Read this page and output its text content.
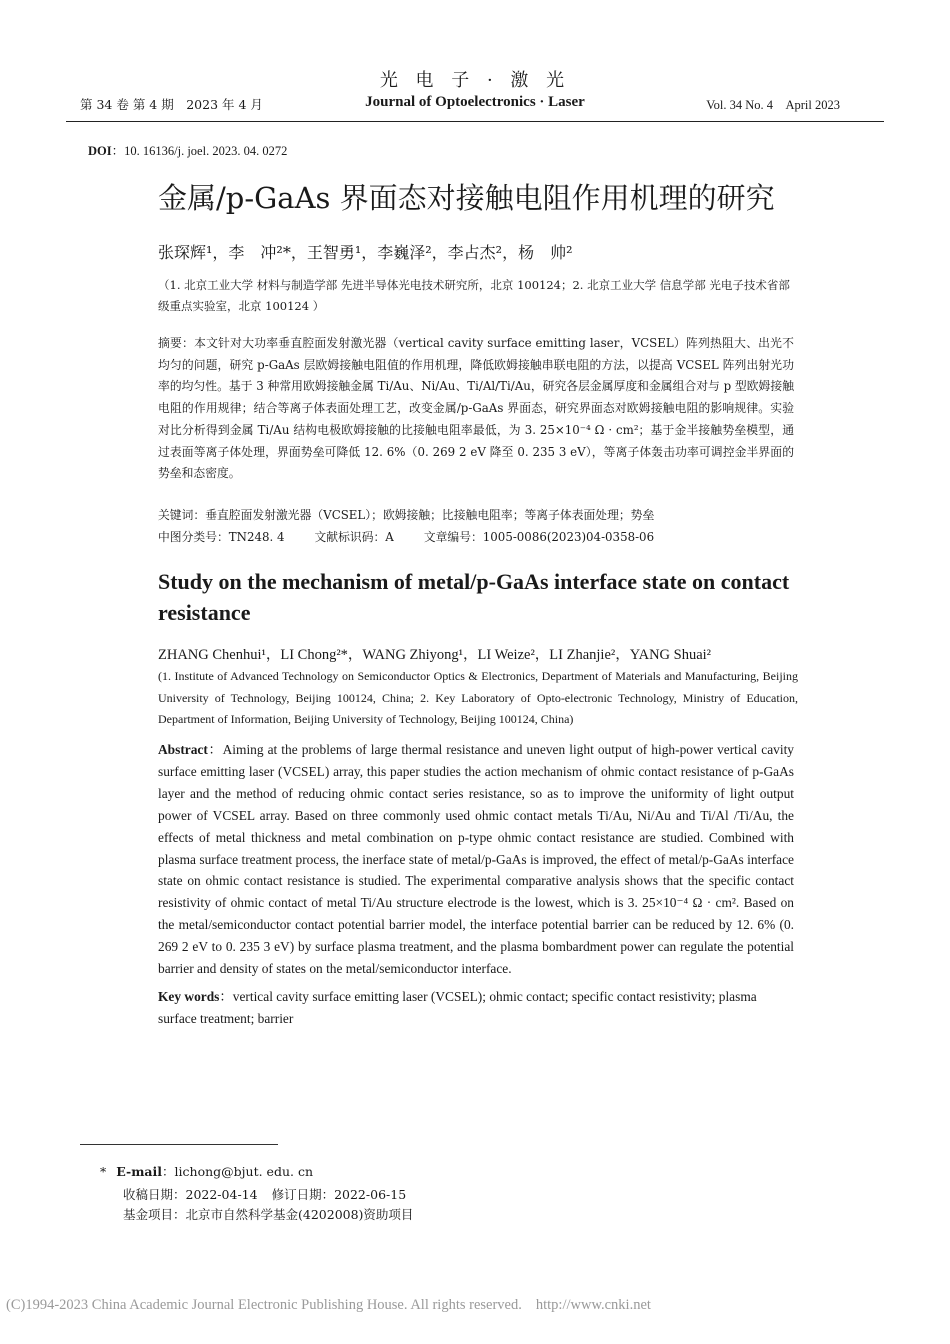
光 电 子 · 激 光
第 34 卷 第 4 期　2023 年 4 月	Journal of Optoelectronics · Laser	Vol. 34 No. 4　April 2023
DOI：10. 16136/j. joel. 2023. 04. 0272
金属/p-GaAs 界面态对接触电阻作用机理的研究
张琛辉¹，李　冲²*，王智勇¹，李巍泽²，李占杰²，杨　帅²
（1. 北京工业大学 材料与制造学部 先进半导体光电技术研究所，北京 100124；2. 北京工业大学 信息学部 光电子技术省部级重点实验室，北京 100124 ）
摘要：本文针对大功率垂直腔面发射激光器（vertical cavity surface emitting laser，VCSEL）阵列热阻大、出光不均匀的问题，研究 p-GaAs 层欧姆接触电阻值的作用机理，降低欧姆接触串联电阻的方法，以提高 VCSEL 阵列出射光功率的均匀性。基于 3 种常用欧姆接触金属 Ti/Au、Ni/Au、Ti/Al/Ti/Au，研究各层金属厚度和金属组合对与 p 型欧姆接触电阻的作用规律；结合等离子体表面处理工艺，改变金属/p-GaAs 界面态，研究界面态对欧姆接触电阻的影响规律。实验对比分析得到金属 Ti/Au 结构电极欧姆接触的比接触电阻率最低，为 3. 25×10⁻⁴ Ω · cm²；基于金半接触势垒模型，通过表面等离子体处理，界面势垒可降低 12. 6%（0. 269 2 eV 降至 0. 235 3 eV），等离子体轰击功率可调控金半界面的势垒和态密度。
关键词：垂直腔面发射激光器（VCSEL）；欧姆接触；比接触电阻率；等离子体表面处理；势垒
中图分类号：TN248. 4	文献标识码：A	文章编号：1005-0086(2023)04-0358-06
Study on the mechanism of metal/p-GaAs interface state on contact resistance
ZHANG Chenhui¹，LI Chong²*，WANG Zhiyong¹，LI Weize²，LI Zhanjie²，YANG Shuai²
(1. Institute of Advanced Technology on Semiconductor Optics & Electronics, Department of Materials and Manufacturing, Beijing University of Technology, Beijing 100124, China; 2. Key Laboratory of Opto-electronic Technology, Ministry of Education, Department of Information, Beijing University of Technology, Beijing 100124, China)
Abstract：Aiming at the problems of large thermal resistance and uneven light output of high-power vertical cavity surface emitting laser (VCSEL) array, this paper studies the action mechanism of ohmic contact resistance of p-GaAs layer and the method of reducing ohmic contact series resistance, so as to improve the uniformity of light output power of VCSEL array. Based on three commonly used ohmic contact metals Ti/Au, Ni/Au and Ti/Al /Ti/Au, the effects of metal thickness and metal combination on p-type ohmic contact resistance are studied. Combined with plasma surface treatment process, the inerface state of metal/p-GaAs is improved, the effect of metal/p-GaAs interface state on ohmic contact resistance is studied. The experimental comparative analysis shows that the specific contact resistivity of ohmic contact of metal Ti/Au structure electrode is the lowest, which is 3. 25×10⁻⁴ Ω · cm². Based on the metal/semiconductor contact potential barrier model, the interface potential barrier can be reduced by 12. 6% (0. 269 2 eV to 0. 235 3 eV) by surface plasma treatment, and the plasma bombardment power can regulate the potential barrier and density of states on the metal/semiconductor interface.
Key words：vertical cavity surface emitting laser (VCSEL); ohmic contact; specific contact resistivity; plasma surface treatment; barrier
* E-mail：lichong@bjut. edu. cn
收稿日期：2022-04-14 修订日期：2022-06-15
基金项目：北京市自然科学基金(4202008)资助项目
(C)1994-2023 China Academic Journal Electronic Publishing House. All rights reserved. http://www.cnki.net
